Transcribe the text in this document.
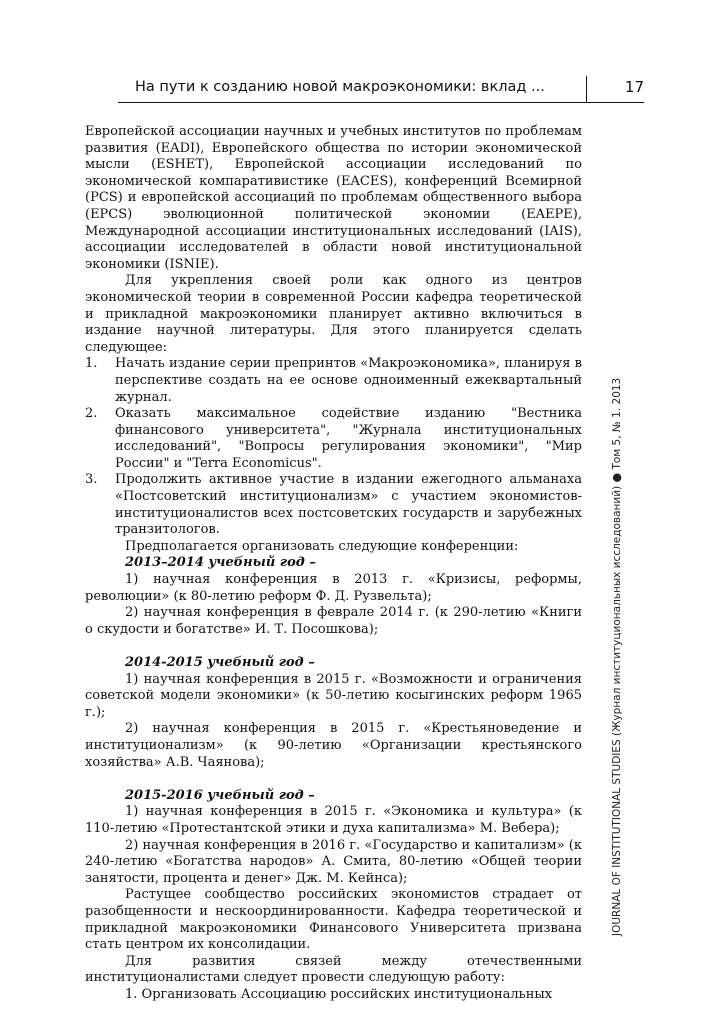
На пути к созданию новой макроэкономики: вклад ...	17

Европейской ассоциации научных и учебных институтов по проблемам развития (EADI), Европейского общества по истории экономической мысли (ESHET), Европейской ассоциации исследований по экономической компаративистике (EACES), конференций Всемирной (PCS) и европейской ассоциаций по проблемам общественного выбора (EPCS) эволюционной политической экономии (EAEPE), Международной ассоциации институциональных исследований (IAIS), ассоциации исследователей в области новой институциональной экономики (ISNIE).

Для укрепления своей роли как одного из центров экономической теории в современной России кафедра теоретической и прикладной макроэкономики планирует активно включиться в издание научной литературы. Для этого планируется сделать следующее:

1.	Начать издание серии препринтов «Макроэкономика», планируя в перспективе создать на ее основе одноименный ежеквартальный журнал.
2.	Оказать максимальное содействие изданию "Вестника финансового университета", "Журнала институциональных исследований", "Вопросы регулирования экономики", "Мир России" и "Terra Economicus".
3.	Продолжить активное участие в издании ежегодного альманаха «Постсоветский институционализм» с участием экономистов-институционалистов всех постсоветских государств и зарубежных транзитологов.

Предполагается организовать следующие конференции:

2013–2014 учебный год –

1) научная конференция в 2013 г. «Кризисы, реформы, революции» (к 80-летию реформ Ф. Д. Рузвельта);

2) научная конференция в феврале 2014 г. (к 290-летию «Книги о скудости и богатстве» И. Т. Посошкова);

2014-2015 учебный год –

1) научная конференция в 2015 г. «Возможности и ограничения советской модели экономики» (к 50-летию косыгинских реформ 1965 г.);

2) научная конференция в 2015 г. «Крестьяноведение и институционализм» (к 90-летию «Организации крестьянского хозяйства» А.В. Чаянова);

2015-2016 учебный год –

1) научная конференция в 2015 г. «Экономика и культура» (к 110-летию «Протестантской этики и духа капитализма» М. Вебера);

2) научная конференция в 2016 г. «Государство и капитализм» (к 240-летию «Богатства народов» А. Смита, 80-летию «Общей теории занятости, процента и денег» Дж. М. Кейнса);

Растущее сообщество российских экономистов страдает от разобщенности и нескоординированности. Кафедра теоретической и прикладной макроэкономики Финансового Университета призвана стать центром их консолидации.

Для развития связей между отечественными институционалистами следует провести следующую работу:

1. Организовать Ассоциацию российских институциональных

JOURNAL OF INSTITUTIONAL STUDIES (Журнал институциональных исследований) ● Том 5, № 1. 2013
